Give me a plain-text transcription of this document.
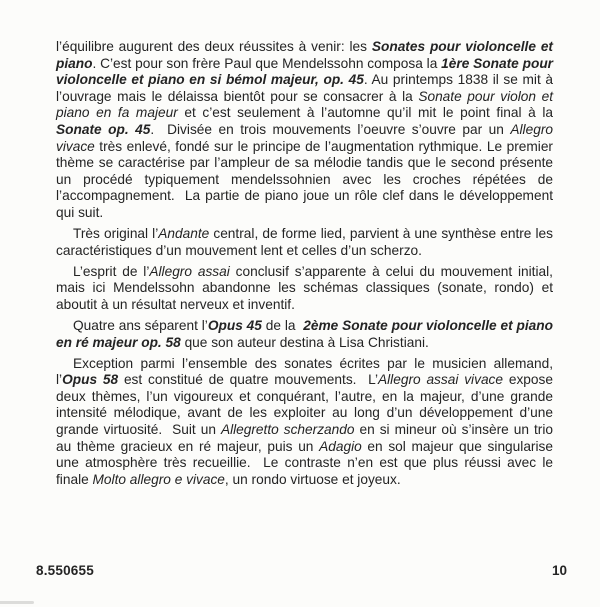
l’équilibre augurent des deux réussites à venir: les Sonates pour violoncelle et piano. C’est pour son frère Paul que Mendelssohn composa la 1ère Sonate pour violoncelle et piano en si bémol majeur, op. 45. Au printemps 1838 il se mit à l’ouvrage mais le délaissa bientôt pour se consacrer à la Sonate pour violon et piano en fa majeur et c’est seulement à l’automne qu’il mit le point final à la Sonate op. 45.  Divisée en trois mouvements l’oeuvre s’ouvre par un Allegro vivace très enlevé, fondé sur le principe de l’augmentation rythmique. Le premier thème se caractérise par l’ampleur de sa mélodie tandis que le second présente un procédé typiquement mendelssohnien avec les croches répétées de l’accompagnement.  La partie de piano joue un rôle clef dans le développement qui suit.

Très original l’Andante central, de forme lied, parvient à une synthèse entre les caractéristiques d’un mouvement lent et celles d’un scherzo.

L’esprit de l’Allegro assai conclusif s’apparente à celui du mouvement initial, mais ici Mendelssohn abandonne les schémas classiques (sonate, rondo) et aboutit à un résultat nerveux et inventif.

Quatre ans séparent l’Opus 45 de la  2ème Sonate pour violoncelle et piano en ré majeur op. 58 que son auteur destina à Lisa Christiani.

Exception parmi l’ensemble des sonates écrites par le musicien allemand, l’Opus 58 est constitué de quatre mouvements.  L’Allegro assai vivace expose deux thèmes, l’un vigoureux et conquérant, l’autre, en la majeur, d’une grande intensité mélodique, avant de les exploiter au long d’un développement d’une grande virtuosité.  Suit un Allegretto scherzando en si mineur où s’insère un trio au thème gracieux en ré majeur, puis un Adagio en sol majeur que singularise une atmosphère très recueillie.  Le contraste n’en est que plus réussi avec le finale Molto allegro e vivace, un rondo virtuose et joyeux.

8.550655	10
